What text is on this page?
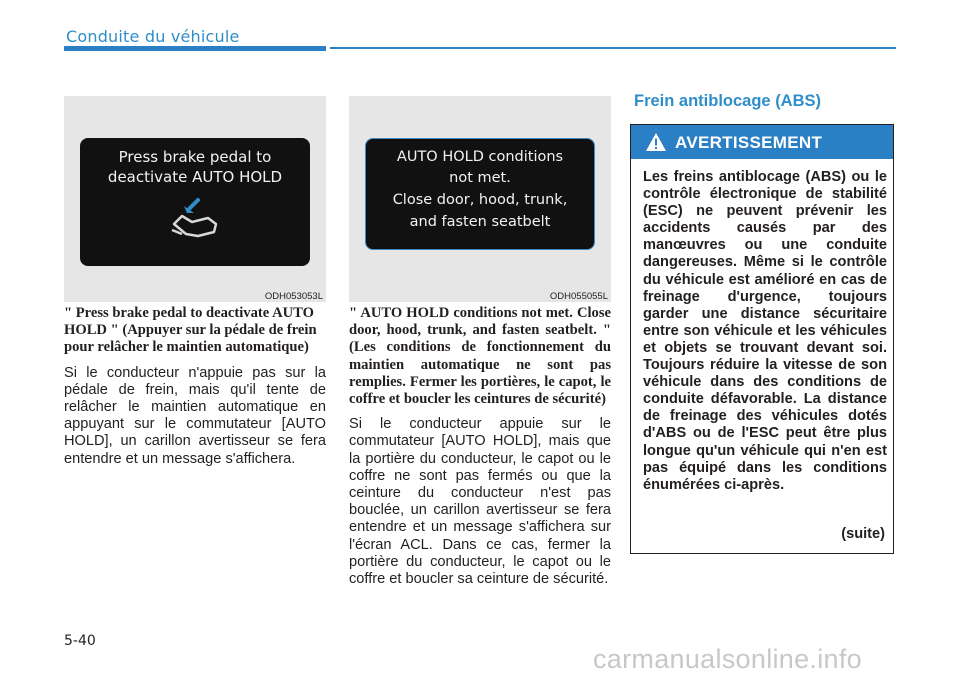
Conduite du véhicule
Press brake pedal to
deactivate AUTO HOLD
ODH053053L
AUTO HOLD conditions
not met.
Close door, hood, trunk,
and fasten seatbelt
ODH055055L

" Press brake pedal to deactivate AUTO HOLD " (Appuyer sur la pédale de frein pour relâcher le maintien automatique)

Si le conducteur n'appuie pas sur la pédale de frein, mais qu'il tente de relâcher le maintien automatique en appuyant sur le commutateur [AUTO HOLD], un carillon avertisseur se fera entendre et un message s'affichera.

" AUTO HOLD conditions not met. Close door, hood, trunk, and fasten seatbelt. " (Les conditions de fonctionnement du maintien automatique ne sont pas remplies. Fermer les portières, le capot, le coffre et boucler les ceintures de sécurité)

Si le conducteur appuie sur le commutateur [AUTO HOLD], mais que la portière du conducteur, le capot ou le coffre ne sont pas fermés ou que la ceinture du conducteur n'est pas bouclée, un carillon avertisseur se fera entendre et un message s'affichera sur l'écran ACL. Dans ce cas, fermer la portière du conducteur, le capot ou le coffre et boucler sa ceinture de sécurité.

Frein antiblocage (ABS)
AVERTISSEMENT
Les freins antiblocage (ABS) ou le contrôle électronique de stabilité (ESC) ne peuvent prévenir les accidents causés par des manœuvres ou une conduite dangereuses. Même si le contrôle du véhicule est amélioré en cas de freinage d'urgence, toujours garder une distance sécuritaire entre son véhicule et les véhicules et objets se trouvant devant soi. Toujours réduire la vitesse de son véhicule dans des conditions de conduite défavorable. La distance de freinage des véhicules dotés d'ABS ou de l'ESC peut être plus longue qu'un véhicule qui n'en est pas équipé dans les conditions énumérées ci-après.
(suite)
5-40
carmanualsonline.info
